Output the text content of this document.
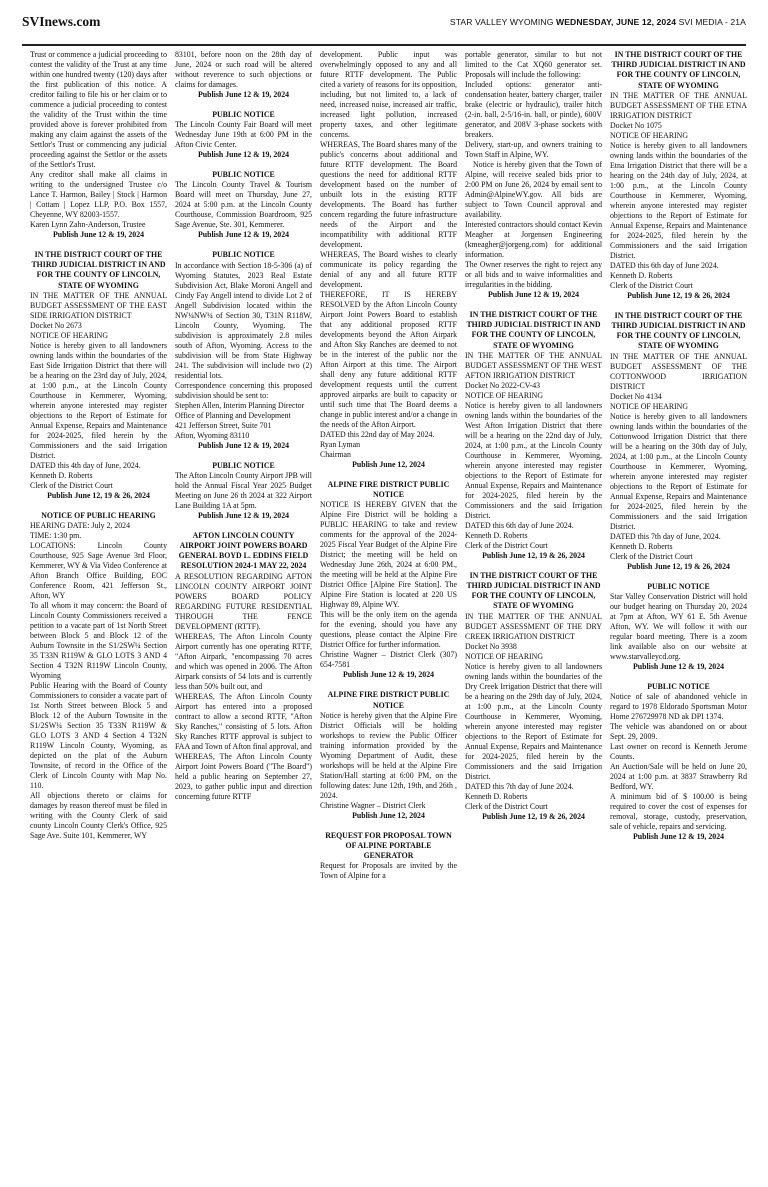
SVInews.com	STAR VALLEY WYOMING WEDNESDAY, JUNE 12, 2024 SVI MEDIA - 21A

Trust or commence a judicial proceeding to contest the validity of the Trust at any time within one hundred twenty (120) days after the first publication of this notice. A creditor failing to file his or her claim or to commence a judicial proceeding to contest the validity of the Trust within the time provided above is forever prohibited from making any claim against the assets of the Settlor's Trust or commencing any judicial proceeding against the Settlor or the assets of the Settlor's Trust.

Any creditor shall make all claims in writing to the undersigned Trustee c/o Lance T. Harmon, Bailey | Stock | Harmon | Cottam | Lopez LLP, P.O. Box 1557, Cheyenne, WY 82003-1557.

Karen Lynn Zahn-Anderson, Trustee

Publish June 12 & 19, 2024

IN THE DISTRICT COURT OF THE THIRD JUDICIAL DISTRICT IN AND FOR THE COUNTY OF LINCOLN, STATE OF WYOMING

IN THE MATTER OF THE ANNUAL BUDGET ASSESSMENT OF THE EAST SIDE IRRIGATION DISTRICT

Docket No 2673

NOTICE OF HEARING

Notice is hereby given to all landowners owning lands within the boundaries of the East Side Irrigation District that there will be a hearing on the 23rd day of July, 2024, at 1:00 p.m., at the Lincoln County Courthouse in Kemmerer, Wyoming, wherein anyone interested may register objections to the Report of Estimate for Annual Expense, Repairs and Maintenance for 2024-2025, filed herein by the Commissioners and the said Irrigation District.

DATED this 4th day of June, 2024.

Kenneth D. Roberts

Clerk of the District Court

Publish June 12, 19 & 26, 2024

NOTICE OF PUBLIC HEARING

HEARING DATE: July 2, 2024

TIME: 1:30 pm.

LOCATIONS: Lincoln County Courthouse, 925 Sage Avenue 3rd Floor, Kemmerer, WY & Via Video Conference at Afton Branch Office Building, EOC Conference Room, 421 Jefferson St., Afton, WY

To all whom it may concern: the Board of Lincoln County Commissioners received a petition to a vacate part of 1st North Street between Block 5 and Block 12 of the Auburn Townsite in the S1/2SW¼ Section 35 T33N R119W & GLO LOTS 3 AND 4 Section 4 T32N R119W Lincoln County, Wyoming

Public Hearing with the Board of County Commissioners to consider a vacate part of 1st North Street between Block 5 and Block 12 of the Auburn Townsite in the S1/2SW¼ Section 35 T33N R119W & GLO LOTS 3 AND 4 Section 4 T32N R119W Lincoln County, Wyoming, as depicted on the plat of the Auburn Townsite, of record in the Office of the Clerk of Lincoln County with Map No. 110.

All objections thereto or claims for damages by reason thereof must be filed in writing with the County Clerk of said county Lincoln County Clerk's Office, 925 Sage Ave. Suite 101, Kemmerer, WY

83101, before noon on the 28th day of June, 2024 or such road will be altered without reverence to such objections or claims for damages.

Publish June 12 & 19, 2024

PUBLIC NOTICE

The Lincoln County Fair Board will meet Wednesday June 19th at 6:00 PM in the Afton Civic Center.

Publish June 12 & 19, 2024

PUBLIC NOTICE

The Lincoln County Travel & Tourism Board will meet on Thursday, June 27, 2024 at 5:00 p.m. at the Lincoln County Courthouse, Commission Boardroom, 925 Sage Avenue, Ste. 301, Kemmerer.

Publish June 12 & 19, 2024

PUBLIC NOTICE

In accordance with Section 18-5-306 (a) of Wyoming Statutes, 2023 Real Estate Subdivision Act, Blake Moroni Angell and Cindy Fay Angell intend to divide Lot 2 of Angell Subdivision located within the NW¼NW¼ of Section 30, T31N R118W, Lincoln County, Wyoming. The subdivision is approximately 2.8 miles south of Afton, Wyoming. Access to the subdivision will be from State Highway 241. The subdivision will include two (2) residential lots.

Correspondence concerning this proposed subdivision should be sent to:

Stephen Allen, Interim Planning Director

Office of Planning and Development

421 Jefferson Street, Suite 701

Afton, Wyoming 83110

Publish June 12 & 19, 2024

PUBLIC NOTICE

The Afton Lincoln County Airport JPB will hold the Annual Fiscal Year 2025 Budget Meeting on June 26 th 2024 at 322 Airport Lane Building 1A at 5pm.

Publish June 12 & 19, 2024

AFTON LINCOLN COUNTY AIRPORT JOINT POWERS BOARD GENERAL BOYD L. EDDINS FIELD RESOLUTION 2024-1 MAY 22, 2024

A RESOLUTION REGARDING AFTON LINCOLN COUNTY AIRPORT JOINT POWERS BOARD POLICY REGARDING FUTURE RESIDENTIAL THROUGH THE FENCE DEVELOPMENT (RTTF).

WHEREAS, The Afton Lincoln County Airport currently has one operating RTTF, "Afton Airpark, "encompassing 70 acres and which was opened in 2006. The Afton Airpark consists of 54 lots and is currently less than 50% built out, and

WHEREAS, The Afton Lincoln County Airport has entered into a proposed contract to allow a second RTTF, "Afton Sky Ranches," consisting of 5 lots. Afton Sky Ranches RTTF approval is subject to FAA and Town of Afton final approval, and

WHEREAS, The Afton Lincoln County Airport Joint Powers Board ("The Board") held a public hearing on September 27, 2023, to gather public input and direction concerning future RTTF

development. Public input was overwhelmingly opposed to any and all future RTTF development. The Public cited a variety of reasons for its opposition, including, but not limited to, a lack of need, increased noise, increased air traffic, increased light pollution, increased property taxes, and other legitimate concerns.

WHEREAS, The Board shares many of the public's concerns about additional and future RTTF development. The Board questions the need for additional RTTF development based on the number of unbuilt lots in the existing RTTF developments. The Board has further concern regarding the future infrastructure needs of the Airport and the incompatibility with additional RTTF development.

WHEREAS, The Board wishes to clearly communicate its policy regarding the denial of any and all future RTTF development.

THEREFORE, IT IS HEREBY RESOLVED by the Afton Lincoln County Airport Joint Powers Board to establish that any additional proposed RTTF developments beyond the Afton Airpark and Afton Sky Ranches are deemed to not be in the interest of the public nor the Afton Airport at this time. The Airport shall deny any future additional RTTF development requests until the current approved airparks are built to capacity or until such time that The Board deems a change in public interest and/or a change in the needs of the Afton Airport.

DATED this 22nd day of May 2024.

Ryan Lyman

Chairman

Publish June 12, 2024

ALPINE FIRE DISTRICT PUBLIC NOTICE

NOTICE IS HEREBY GIVEN that the Alpine Fire District will be holding a PUBLIC HEARING to take and review comments for the approval of the 2024-2025 Fiscal Year Budget of the Alpine Fire District; the meeting will be held on Wednesday June 26th, 2024 at 6:00 PM., the meeting will be held at the Alpine Fire District Office [Alpine Fire Station]. The Alpine Fire Station is located at 220 US Highway 89, Alpine WY.

This will be the only item on the agenda for the evening, should you have any questions, please contact the Alpine Fire District Office for further information.

Christine Wagner – District Clerk (307) 654-7581

Publish June 12 & 19, 2024

ALPINE FIRE DISTRICT PUBLIC NOTICE

Notice is hereby given that the Alpine Fire District Officials will be holding workshops to review the Public Officer training information provided by the Wyoming Department of Audit, these workshops will be held at the Alpine Fire Station/Hall starting at 6:00 PM, on the following dates: June 12th, 19th, and 26th , 2024.

Christine Wagner – District Clerk

Publish June 12, 2024

REQUEST FOR PROPOSAL TOWN OF ALPINE PORTABLE GENERATOR

Request for Proposals are invited by the Town of Alpine for a

portable generator, similar to but not limited to the Cat XQ60 generator set. Proposals will include the following:

Included options: generator anti-condensation heater, battery charger, trailer brake (electric or hydraulic), trailer hitch (2-in. ball, 2-5/16-in. ball, or pintle), 600V generator, and 208V 3-phase sockets with breakers.

Delivery, start-up, and owners training to Town Staff in Alpine, WY.

Notice is hereby given that the Town of Alpine, will receive sealed bids prior to 2:00 PM on June 26, 2024 by email sent to Admin@AlpineWY.gov. All bids are subject to Town Council approval and availability.

Interested contractors should contact Kevin Meagher at Jorgensen Engineering (kmeagher@jorgeng.com) for additional information.

The Owner reserves the right to reject any or all bids and to waive informalities and irregularities in the bidding.

Publish June 12 & 19, 2024

IN THE DISTRICT COURT OF THE THIRD JUDICIAL DISTRICT IN AND FOR THE COUNTY OF LINCOLN, STATE OF WYOMING

IN THE MATTER OF THE ANNUAL BUDGET ASSESSMENT OF THE WEST AFTON IRRIGATION DISTRICT

Docket No 2022-CV-43

NOTICE OF HEARING

Notice is hereby given to all landowners owning lands within the boundaries of the West Afton Irrigation District that there will be a hearing on the 22nd day of July, 2024, at 1:00 p.m., at the Lincoln County Courthouse in Kemmerer, Wyoming, wherein anyone interested may register objections to the Report of Estimate for Annual Expense, Repairs and Maintenance for 2024-2025, filed herein by the Commissioners and the said Irrigation District.

DATED this 6th day of June 2024.

Kenneth D. Roberts

Clerk of the District Court

Publish June 12, 19 & 26, 2024

IN THE DISTRICT COURT OF THE THIRD JUDICIAL DISTRICT IN AND FOR THE COUNTY OF LINCOLN, STATE OF WYOMING

IN THE MATTER OF THE ANNUAL BUDGET ASSESSMENT OF THE DRY CREEK IRRIGATION DISTRICT

Docket No 3938

NOTICE OF HEARING

Notice is hereby given to all landowners owning lands within the boundaries of the Dry Creek Irrigation District that there will be a hearing on the 29th day of July, 2024, at 1:00 p.m., at the Lincoln County Courthouse in Kemmerer, Wyoming, wherein anyone interested may register objections to the Report of Estimate for Annual Expense, Repairs and Maintenance for 2024-2025, filed herein by the Commissioners and the said Irrigation District.

DATED this 7th day of June 2024.

Kenneth D. Roberts

Clerk of the District Court

Publish June 12, 19 & 26, 2024

IN THE DISTRICT COURT OF THE THIRD JUDICIAL DISTRICT IN AND FOR THE COUNTY OF LINCOLN, STATE OF WYOMING

IN THE MATTER OF THE ANNUAL BUDGET ASSESSMENT OF THE ETNA IRRIGATION DISTRICT

Docket No 1075

NOTICE OF HEARING

Notice is hereby given to all landowners owning lands within the boundaries of the Etna Irrigation District that there will be a hearing on the 24th day of July, 2024, at 1:00 p.m., at the Lincoln County Courthouse in Kemmerer, Wyoming, wherein anyone interested may register objections to the Report of Estimate for Annual Expense, Repairs and Maintenance for 2024-2025, filed herein by the Commissioners and the said Irrigation District.

DATED this 6th day of June 2024.

Kenneth D. Roberts

Clerk of the District Court

Publish June 12, 19 & 26, 2024

IN THE DISTRICT COURT OF THE THIRD JUDICIAL DISTRICT IN AND FOR THE COUNTY OF LINCOLN, STATE OF WYOMING

IN THE MATTER OF THE ANNUAL BUDGET ASSESSMENT OF THE COTTONWOOD IRRIGATION DISTRICT

Docket No 4134

NOTICE OF HEARING

Notice is hereby given to all landowners owning lands within the boundaries of the Cottonwood Irrigation District that there will be a hearing on the 30th day of July, 2024, at 1:00 p.m., at the Lincoln County Courthouse in Kemmerer, Wyoming, wherein anyone interested may register objections to the Report of Estimate for Annual Expense, Repairs and Maintenance for 2024-2025, filed herein by the Commissioners and the said Irrigation District.

DATED this 7th day of June, 2024.

Kenneth D. Roberts

Clerk of the District Court

Publish June 12, 19 & 26, 2024

PUBLIC NOTICE

Star Valley Conservation District will hold our budget hearing on Thursday 20, 2024 at 7pm at Afton, WY 61 E. 5th Avenue Afton, WY. We will follow it with our regular board meeting. There is a zoom link available also on our website at www.starvalleycd.org.

Publish June 12 & 19, 2024

PUBLIC NOTICE

Notice of sale of abandoned vehicle in regard to 1978 Eldorado Sportsman Motor Home 276729978 ND ak DPI 1374.

The vehicle was abandoned on or about Sept. 29, 2009.

Last owner on record is Kenneth Jerome Counts.

An Auction/Sale will be held on June 20, 2024 at 1:00 p.m. at 3837 Strawberry Rd Bedford, WY.

A minimum bid of $ 100.00 is being required to cover the cost of expenses for removal, storage, custody, preservation, sale of vehicle, repairs and servicing.

Publish June 12 & 19, 2024
